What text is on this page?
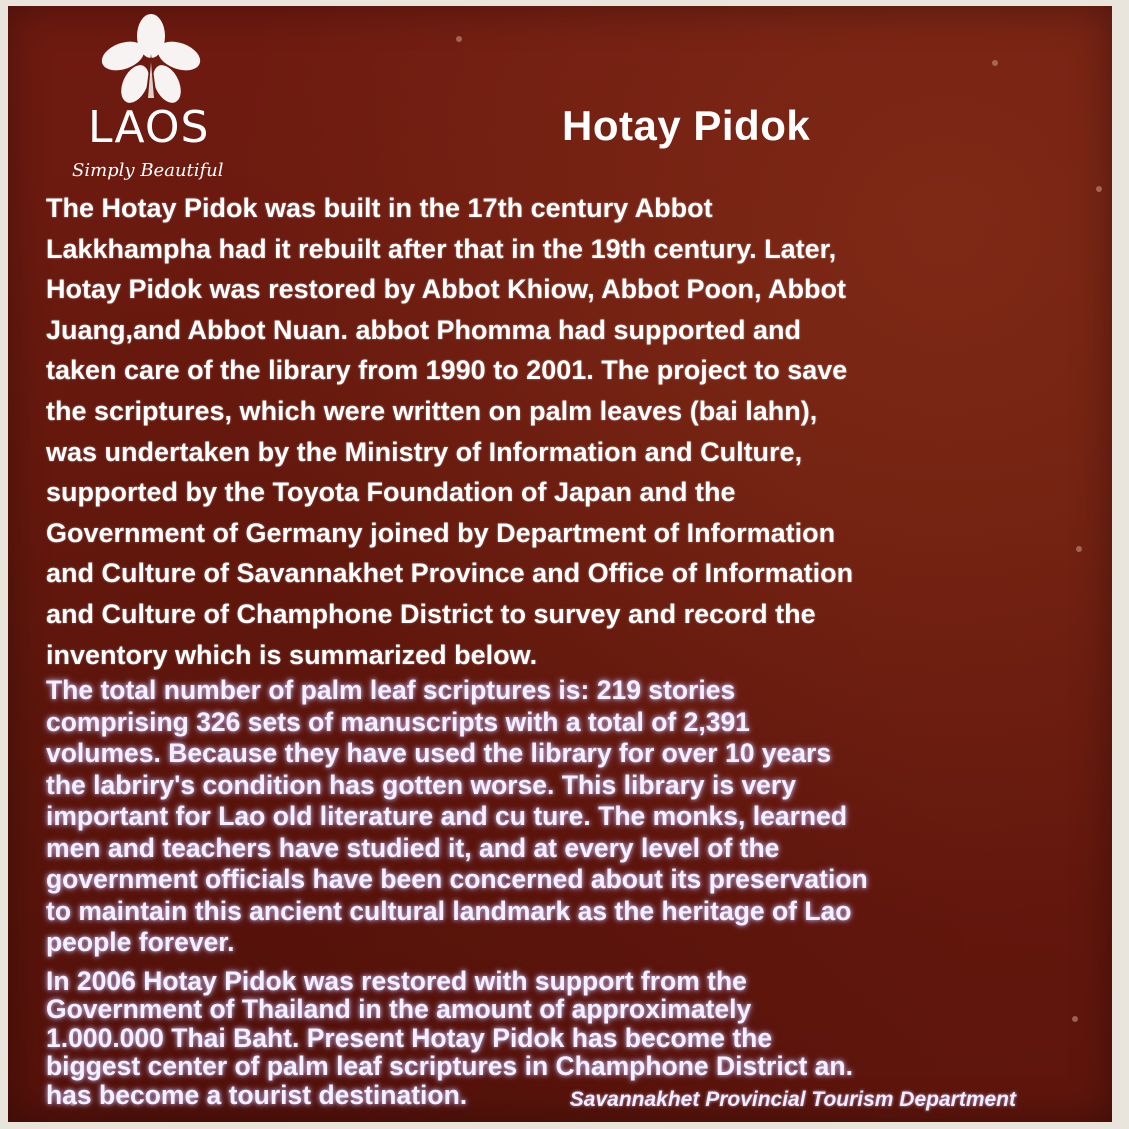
LAOS
Simply Beautiful
Hotay Pidok

The Hotay Pidok was built in the 17th century Abbot
Lakkhampha had it rebuilt after that in the 19th century. Later,
Hotay Pidok was restored by Abbot Khiow, Abbot Poon, Abbot
Juang,and Abbot Nuan. abbot Phomma had supported and
taken care of the library from 1990 to 2001. The project to save
the scriptures, which were written on palm leaves (bai lahn),
was undertaken by the Ministry of Information and Culture,
supported by the Toyota Foundation of Japan and the
Government of Germany joined by Department of Information
and Culture of Savannakhet Province and Office of Information
and Culture of Champhone District to survey and record the
inventory which is summarized below.

The total number of palm leaf scriptures is: 219 stories
comprising 326 sets of manuscripts with a total of 2,391
volumes. Because they have used the library for over 10 years
the labriry's condition has gotten worse. This library is very
important for Lao old literature and cu ture. The monks, learned
men and teachers have studied it, and at every level of the
government officials have been concerned about its preservation
to maintain this ancient cultural landmark as the heritage of Lao
people forever.

In 2006 Hotay Pidok was restored with support from the
Government of Thailand in the amount of approximately
1.000.000 Thai Baht. Present Hotay Pidok has become the
biggest center of palm leaf scriptures in Champhone District an.
has become a tourist destination.	Savannakhet Provincial Tourism Department
